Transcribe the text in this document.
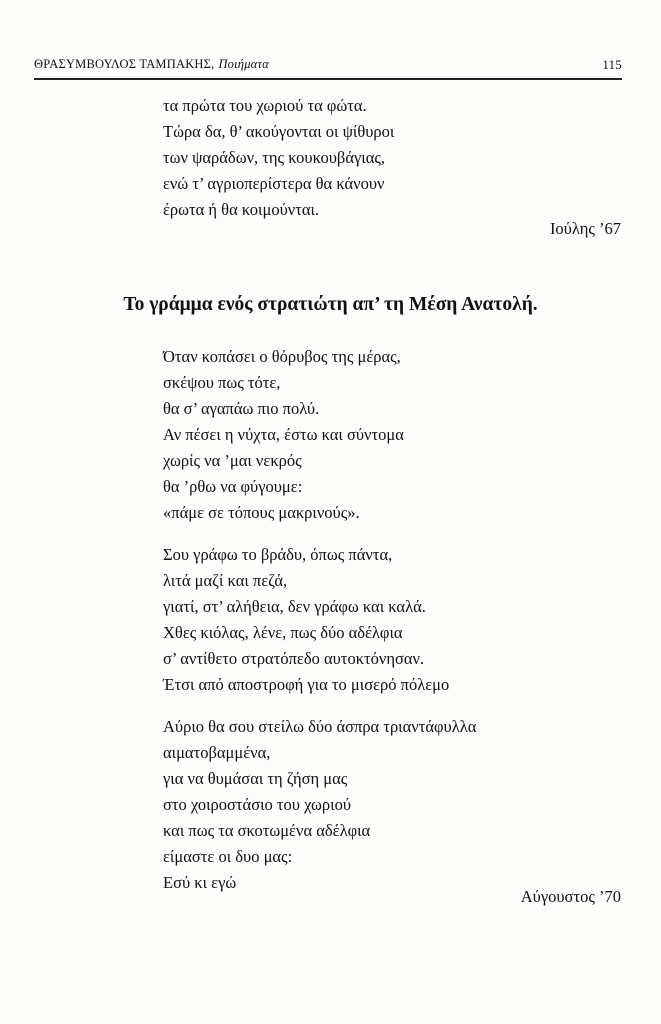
ΘΡΑΣΥΜΒΟΥΛΟΣ ΤΑΜΠΑΚΗΣ, Ποιήματα	115
τα πρώτα του χωριού τα φώτα.
Τώρα δα, θ’ ακούγονται οι ψίθυροι
των ψαράδων, της κουκουβάγιας,
ενώ τ’ αγριοπερίστερα θα κάνουν
έρωτα ή θα κοιμούνται.
Ιούλης ’67
Το γράμμα ενός στρατιώτη απ’ τη Μέση Ανατολή.
Όταν κοπάσει ο θόρυβος της μέρας,
σκέψου πως τότε,
θα σ’ αγαπάω πιο πολύ.
Αν πέσει η νύχτα, έστω και σύντομα
χωρίς να ’μαι νεκρός
θα ’ρθω να φύγουμε:
«πάμε σε τόπους μακρινούς».
Σου γράφω το βράδυ, όπως πάντα,
λιτά μαζί και πεζά,
γιατί, στ’ αλήθεια, δεν γράφω και καλά.
Χθες κιόλας, λένε, πως δύο αδέλφια
σ’ αντίθετο στρατόπεδο αυτοκτόνησαν.
Έτσι από αποστροφή για το μισερό πόλεμο
Αύριο θα σου στείλω δύο άσπρα τριαντάφυλλα
αιματοβαμμένα,
για να θυμάσαι τη ζήση μας
στο χοιροστάσιο του χωριού
και πως τα σκοτωμένα αδέλφια
είμαστε οι δυο μας:
Εσύ κι εγώ
Αύγουστος ’70
